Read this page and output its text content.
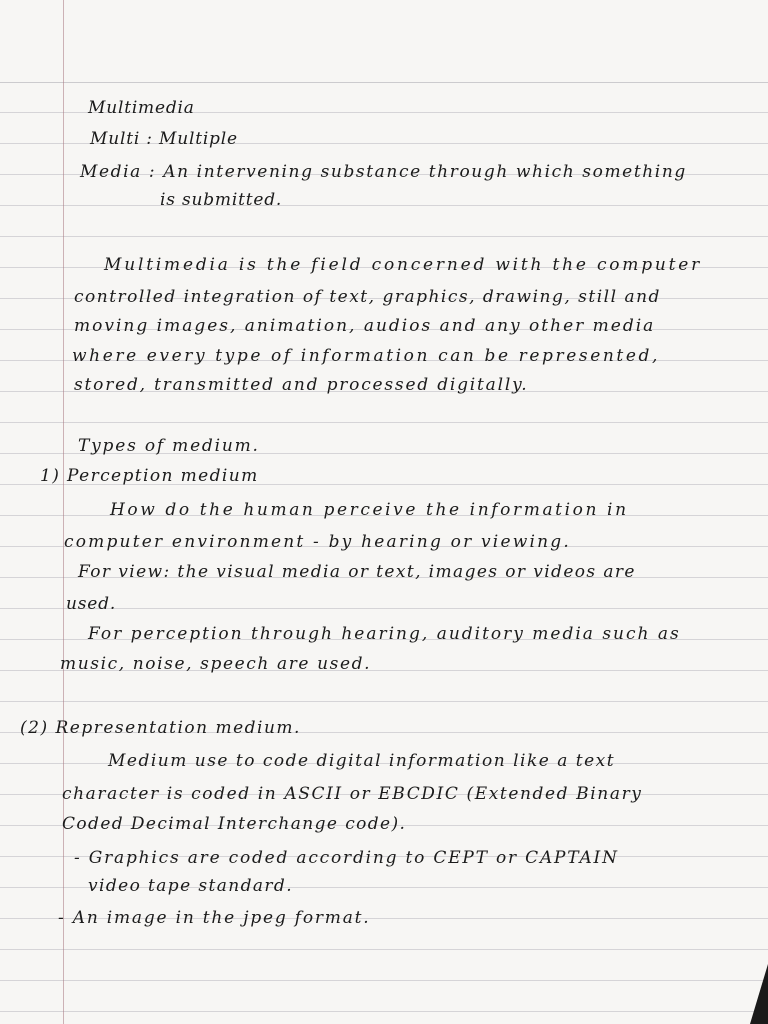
Multimedia
Multi : Multiple
Media : An intervening substance through which something
is submitted.
Multimedia is the field concerned with the computer
controlled integration of text, graphics, drawing, still and
moving images, animation, audios and any other media
where every type of information can be represented,
stored, transmitted and processed digitally.
Types of medium.
1) Perception medium
How do the human perceive the information in
computer environment - by hearing or viewing.
For view: the visual media or text, images or videos are
used.
For perception through hearing, auditory media such as
music, noise, speech are used.
(2) Representation medium.
Medium use to code digital information like a text
character is coded in ASCII or EBCDIC (Extended Binary
Coded Decimal Interchange code).
- Graphics are coded according to CEPT or CAPTAIN
video tape standard.
- An image in the jpeg format.
